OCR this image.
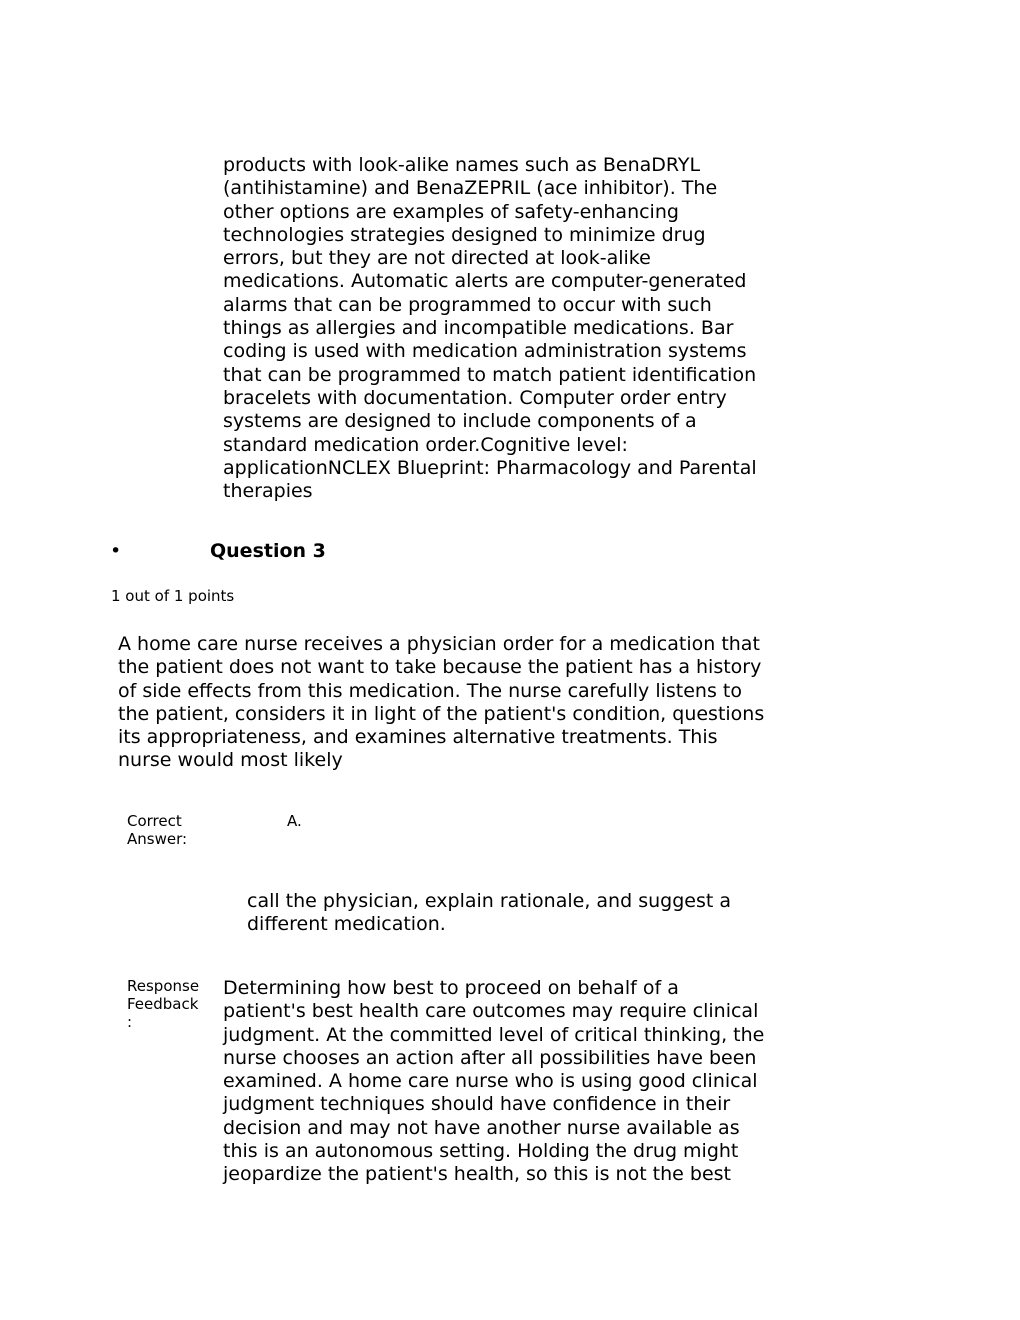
products with look-alike names such as BenaDRYL
(antihistamine) and BenaZEPRIL (ace inhibitor). The
other options are examples of safety-enhancing
technologies strategies designed to minimize drug
errors, but they are not directed at look-alike
medications. Automatic alerts are computer-generated
alarms that can be programmed to occur with such
things as allergies and incompatible medications. Bar
coding is used with medication administration systems
that can be programmed to match patient identification
bracelets with documentation. Computer order entry
systems are designed to include components of a
standard medication order.Cognitive level:
applicationNCLEX Blueprint: Pharmacology and Parental
therapies

•	Question 3
1 out of 1 points

A home care nurse receives a physician order for a medication that
the patient does not want to take because the patient has a history
of side effects from this medication. The nurse carefully listens to
the patient, considers it in light of the patient's condition, questions
its appropriateness, and examines alternative treatments. This
nurse would most likely

Correct
Answer:

A.

call the physician, explain rationale, and suggest a
different medication.

Response
Feedback
:

Determining how best to proceed on behalf of a
patient's best health care outcomes may require clinical
judgment. At the committed level of critical thinking, the
nurse chooses an action after all possibilities have been
examined. A home care nurse who is using good clinical
judgment techniques should have confidence in their
decision and may not have another nurse available as
this is an autonomous setting. Holding the drug might
jeopardize the patient's health, so this is not the best
